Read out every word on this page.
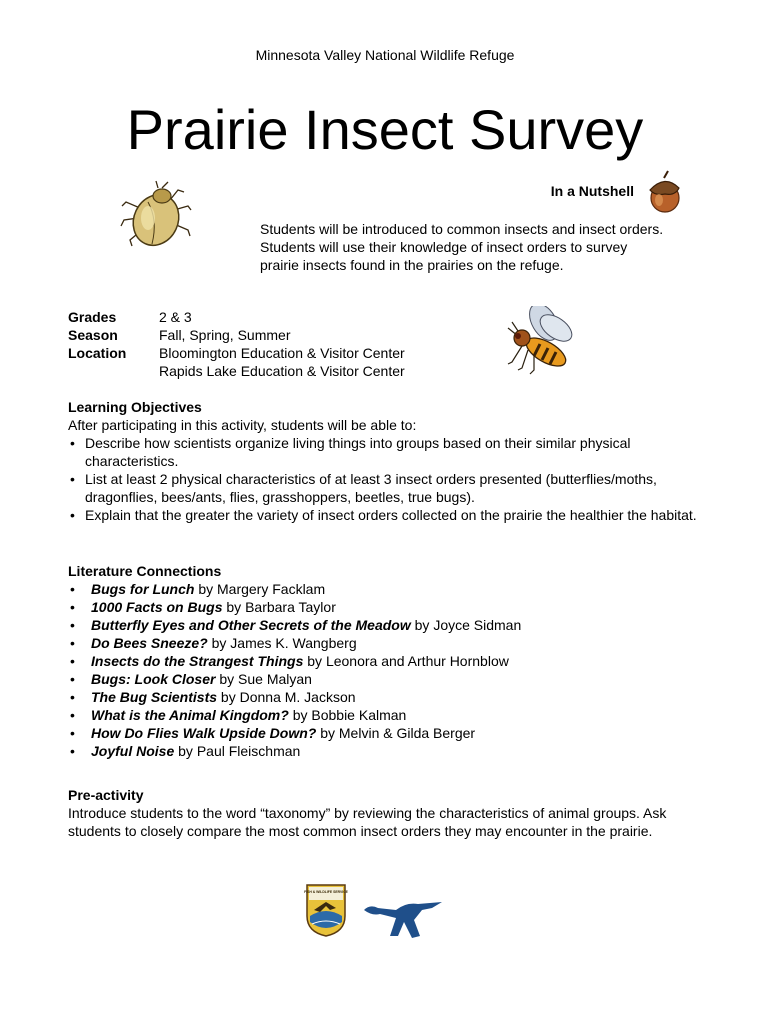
Minnesota Valley National Wildlife Refuge
Prairie Insect Survey
In a Nutshell
Students will be introduced to common insects and insect orders.
Students will use their knowledge of insect orders to survey
prairie insects found in the prairies on the refuge.
Grades	2 & 3
Season	Fall, Spring, Summer
Location	Bloomington Education & Visitor Center
Rapids Lake Education & Visitor Center
Learning Objectives
After participating in this activity, students will be able to:
• Describe how scientists organize living things into groups based on their similar physical characteristics.
• List at least 2 physical characteristics of at least 3 insect orders presented (butterflies/moths, dragonflies, bees/ants, flies, grasshoppers, beetles, true bugs).
• Explain that the greater the variety of insect orders collected on the prairie the healthier the habitat.
Literature Connections
• Bugs for Lunch by Margery Facklam
• 1000 Facts on Bugs by Barbara Taylor
• Butterfly Eyes and Other Secrets of the Meadow by Joyce Sidman
• Do Bees Sneeze? by James K. Wangberg
• Insects do the Strangest Things by Leonora and Arthur Hornblow
• Bugs: Look Closer by Sue Malyan
• The Bug Scientists by Donna M. Jackson
• What is the Animal Kingdom? by Bobbie Kalman
• How Do Flies Walk Upside Down? by Melvin & Gilda Berger
• Joyful Noise by Paul Fleischman
Pre-activity
Introduce students to the word “taxonomy” by reviewing the characteristics of animal groups. Ask students to closely compare the most common insect orders they may encounter in the prairie.
FISH & WILDLIFE SERVICE
